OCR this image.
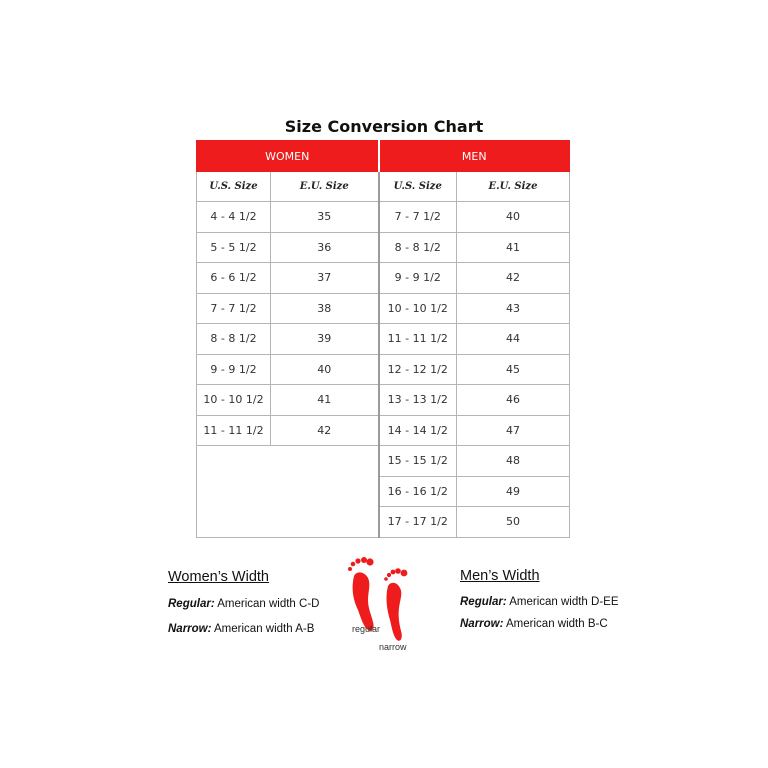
Size Conversion Chart
WOMEN		MEN	
U.S. Size	E.U. Size	U.S. Size	E.U. Size
4 - 4 1/2	35	7 - 7 1/2	40
5 - 5 1/2	36	8 - 8 1/2	41
6 - 6 1/2	37	9 - 9 1/2	42
7 - 7 1/2	38	10 - 10 1/2	43
8 - 8 1/2	39	11 - 11 1/2	44
9 - 9 1/2	40	12 - 12 1/2	45
10 - 10 1/2	41	13 - 13 1/2	46
11 - 11 1/2	42	14 - 14 1/2	47
		15 - 15 1/2	48
		16 - 16 1/2	49
		17 - 17 1/2	50
Women’s Width
Regular: American width C-D
Narrow: American width A-B	regular
narrow
Men’s Width
Regular: American width D-EE
Narrow: American width B-C
